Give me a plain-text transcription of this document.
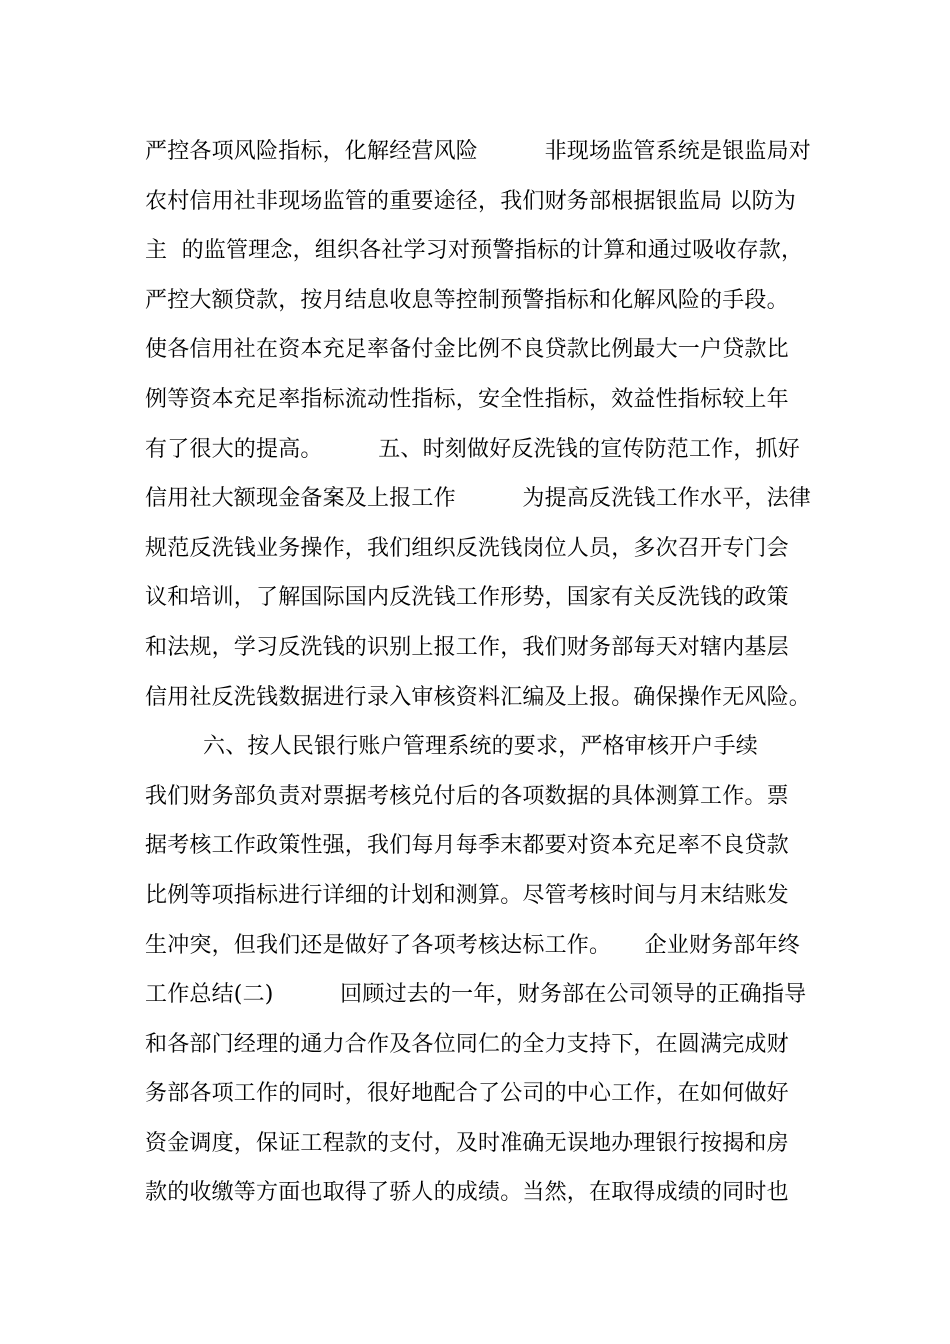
严控各项风险指标，化解经营风险　　　非现场监管系统是银监局对
农村信用社非现场监管的重要途径，我们财务部根据银监局 以防为
主  的监管理念，组织各社学习对预警指标的计算和通过吸收存款，
严控大额贷款，按月结息收息等控制预警指标和化解风险的手段。
使各信用社在资本充足率备付金比例不良贷款比例最大一户贷款比
例等资本充足率指标流动性指标，安全性指标，效益性指标较上年
有了很大的提高。　　　五、时刻做好反洗钱的宣传防范工作，抓好
信用社大额现金备案及上报工作　　　为提高反洗钱工作水平，法律
规范反洗钱业务操作，我们组织反洗钱岗位人员，多次召开专门会
议和培训，了解国际国内反洗钱工作形势，国家有关反洗钱的政策
和法规，学习反洗钱的识别上报工作，我们财务部每天对辖内基层
信用社反洗钱数据进行录入审核资料汇编及上报。确保操作无风险。
六、按人民银行账户管理系统的要求，严格审核开户手续
我们财务部负责对票据考核兑付后的各项数据的具体测算工作。票
据考核工作政策性强，我们每月每季末都要对资本充足率不良贷款
比例等项指标进行详细的计划和测算。尽管考核时间与月末结账发
生冲突，但我们还是做好了各项考核达标工作。　　企业财务部年终
工作总结(二)　　　回顾过去的一年，财务部在公司领导的正确指导
和各部门经理的通力合作及各位同仁的全力支持下，在圆满完成财
务部各项工作的同时，很好地配合了公司的中心工作，在如何做好
资金调度，保证工程款的支付，及时准确无误地办理银行按揭和房
款的收缴等方面也取得了骄人的成绩。当然，在取得成绩的同时也
